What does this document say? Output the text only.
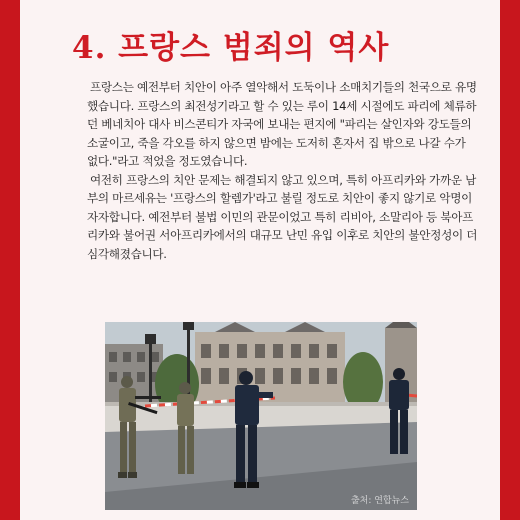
4. 프랑스 범죄의 역사

프랑스는 예전부터 치안이 아주 열악해서 도둑이나 소매치기들의 천국으로 유명했습니다. 프랑스의 최전성기라고 할 수 있는 루이 14세 시절에도 파리에 체류하던 베네치아 대사 비스콘티가 자국에 보내는 편지에 "파리는 살인자와 강도들의 소굴이고, 죽을 각오를 하지 않으면 밤에는 도저히 혼자서 집 밖으로 나갈 수가 없다."라고 적었을 정도였습니다.

여전히 프랑스의 치안 문제는 해결되지 않고 있으며, 특히 아프리카와 가까운 남부의 마르세유는 '프랑스의 할렘가'라고 불릴 정도로 치안이 좋지 않기로 악명이 자자합니다. 예전부터 불법 이민의 관문이었고 특히 리비아, 소말리아 등 북아프리카와 불어권 서아프리카에서의 대규모 난민 유입 이후로 치안의 불안정성이 더 심각해졌습니다.

출처: 연합뉴스
